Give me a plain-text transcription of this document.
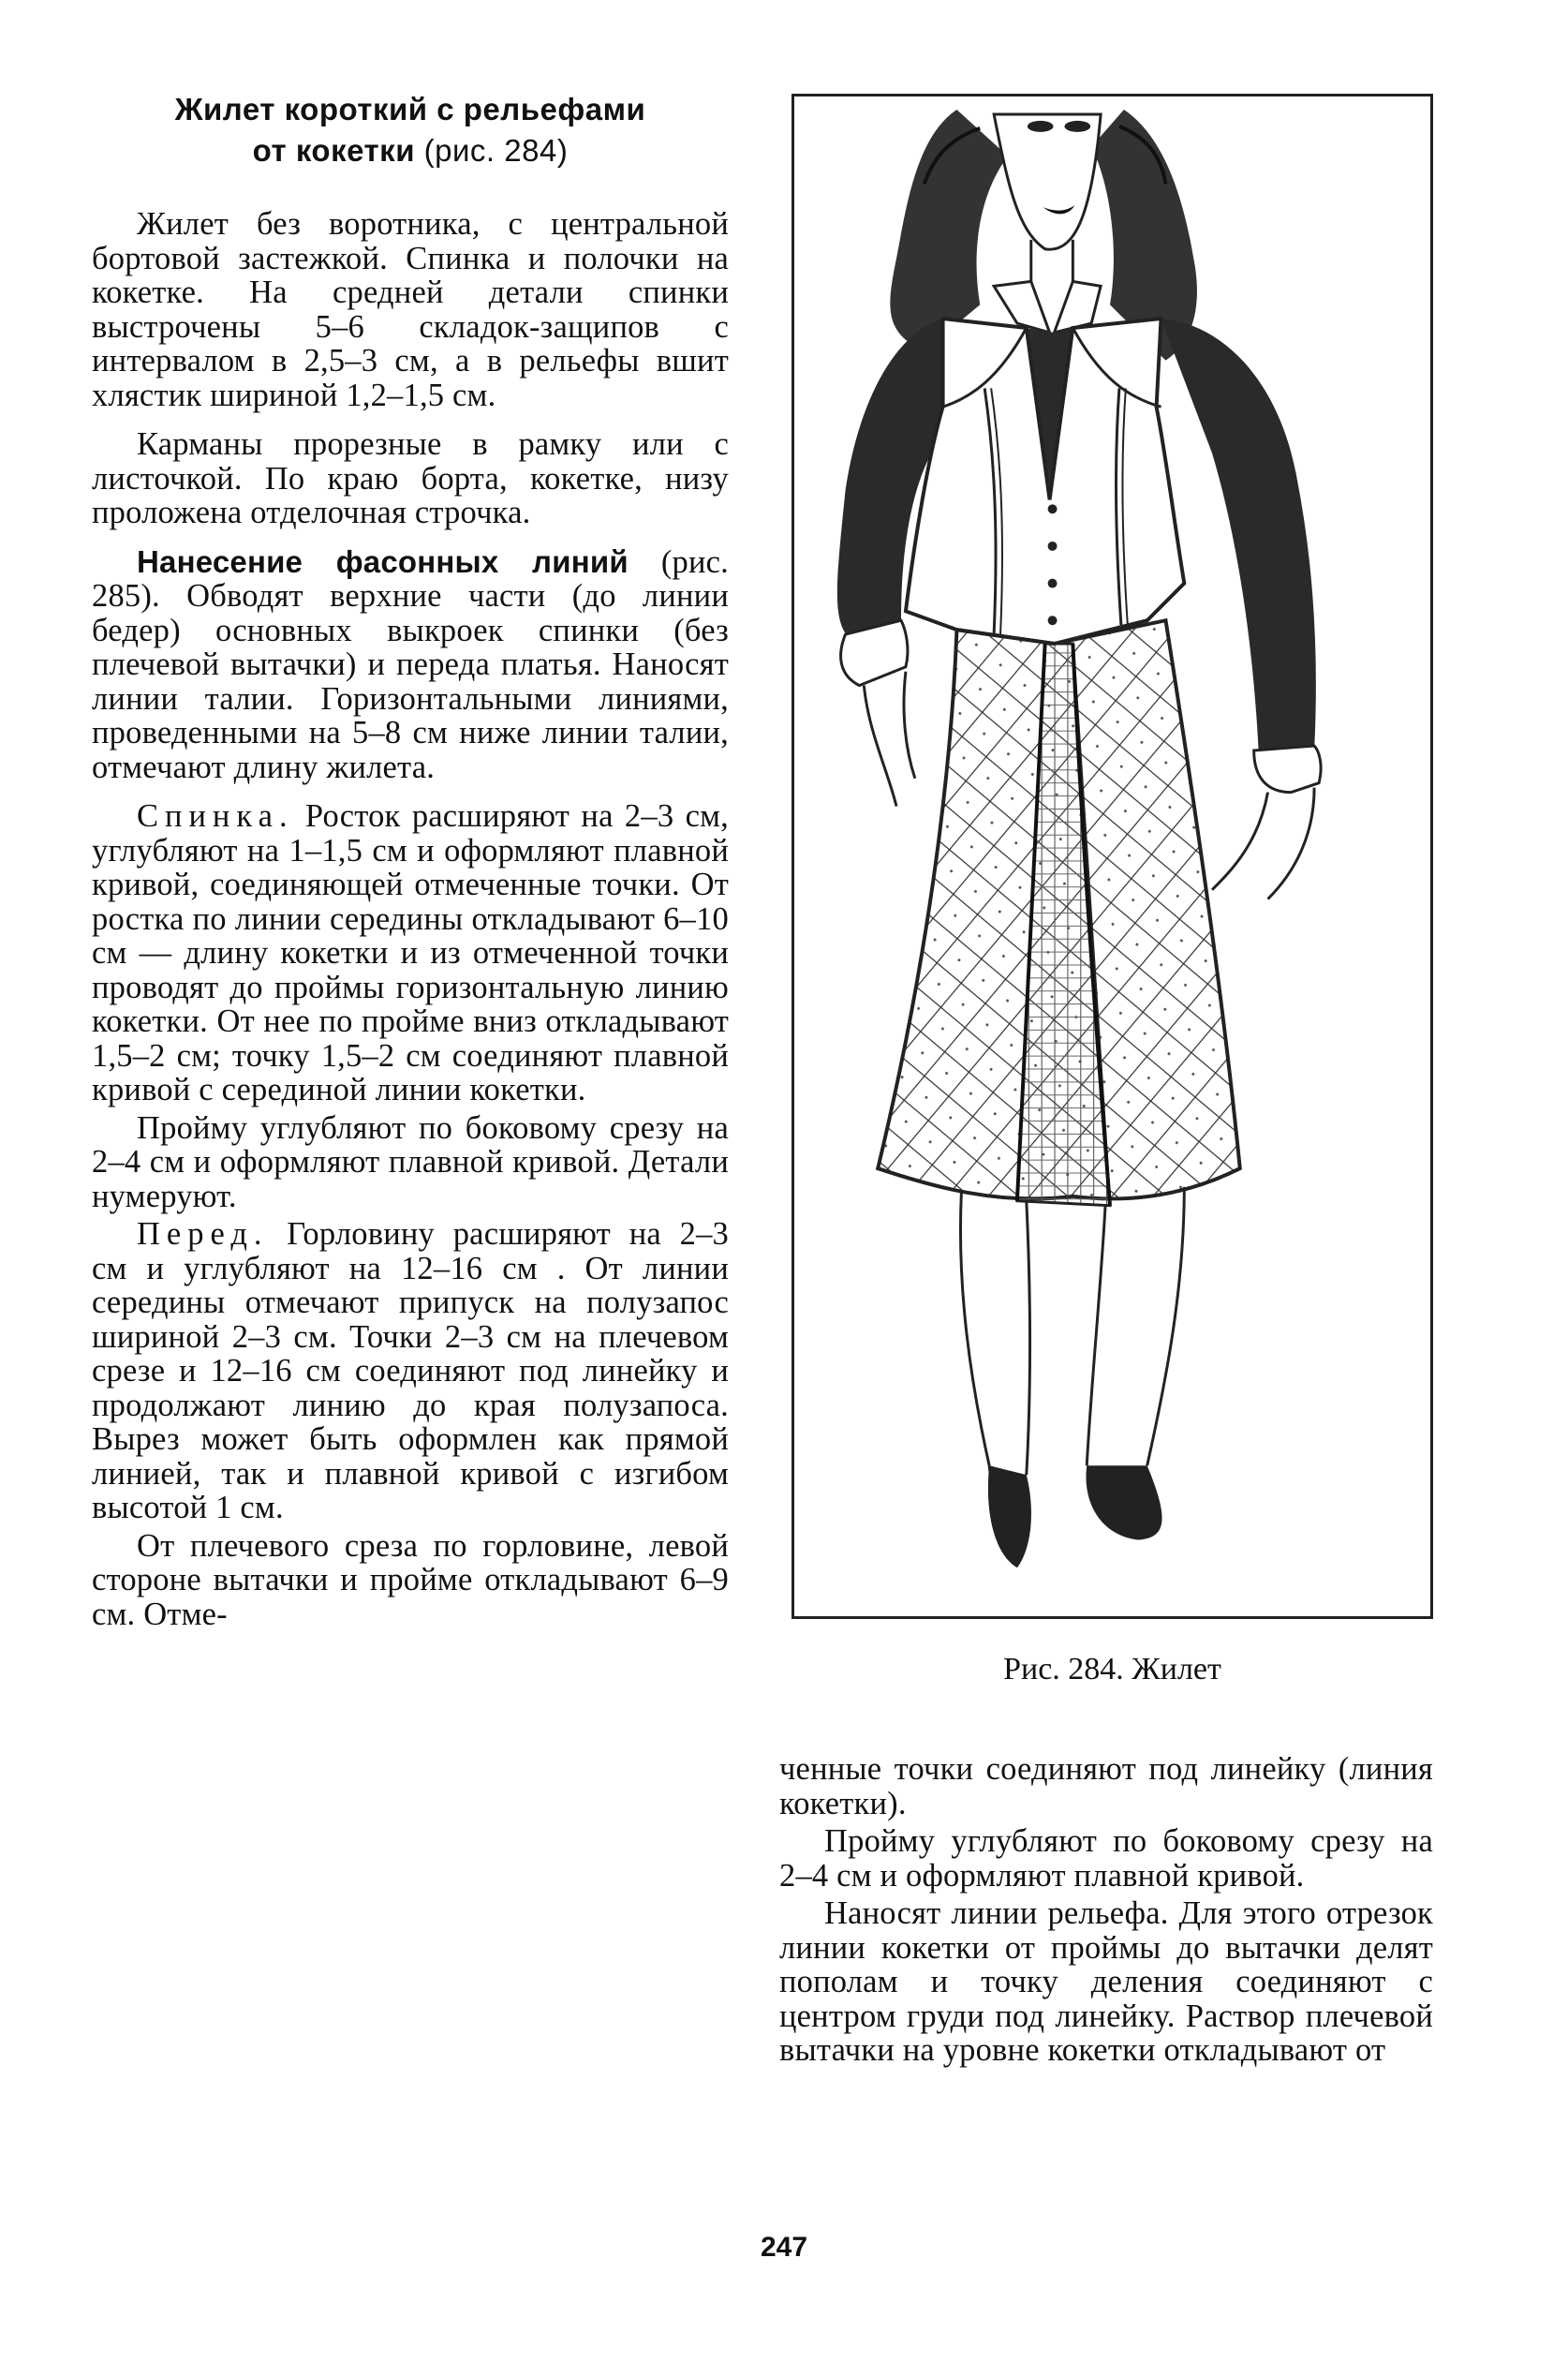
Жилет короткий с рельефами
от кокетки (рис. 284)

Жилет без воротника, с центральной бортовой застежкой. Спинка и полочки на кокетке. На средней детали спинки выстрочены 5–6 складок-защипов с интервалом в 2,5–3 см, а в рельефы вшит хлястик шириной 1,2–1,5 см.

Карманы прорезные в рамку или с листочкой. По краю борта, кокетке, низу проложена отделочная строчка.

Нанесение фасонных линий (рис. 285). Обводят верхние части (до линии бедер) основных выкроек спинки (без плечевой вытачки) и переда платья. Наносят линии талии. Горизонтальными линиями, проведенными на 5–8 см ниже линии талии, отмечают длину жилета.

Спинка. Росток расширяют на 2–3 см, углубляют на 1–1,5 см и оформляют плавной кривой, соединяющей отмеченные точки. От ростка по линии середины откладывают 6–10 см — длину кокетки и из отмеченной точки проводят до проймы горизонтальную линию кокетки. От нее по пройме вниз откладывают 1,5–2 см; точку 1,5–2 см соединяют плавной кривой с серединой линии кокетки.

Пройму углубляют по боковому срезу на 2–4 см и оформляют плавной кривой. Детали нумеруют.

Перед. Горловину расширяют на 2–3 см и углубляют на 12–16 см . От линии середины отмечают припуск на полузапос шириной 2–3 см. Точки 2–3 см на плечевом срезе и 12–16 см соединяют под линейку и продолжают линию до края полузапоса. Вырез может быть оформлен как прямой линией, так и плавной кривой с изгибом высотой 1 см.

От плечевого среза по горловине, левой стороне вытачки и пройме откладывают 6–9 см. Отме-

Рис. 284. Жилет

ченные точки соединяют под линейку (линия кокетки).

Пройму углубляют по боковому срезу на 2–4 см и оформляют плавной кривой.

Наносят линии рельефа. Для этого отрезок линии кокетки от проймы до вытачки делят пополам и точку деления соединяют с центром груди под линейку. Раствор плечевой вытачки на уровне кокетки откладывают от

247
